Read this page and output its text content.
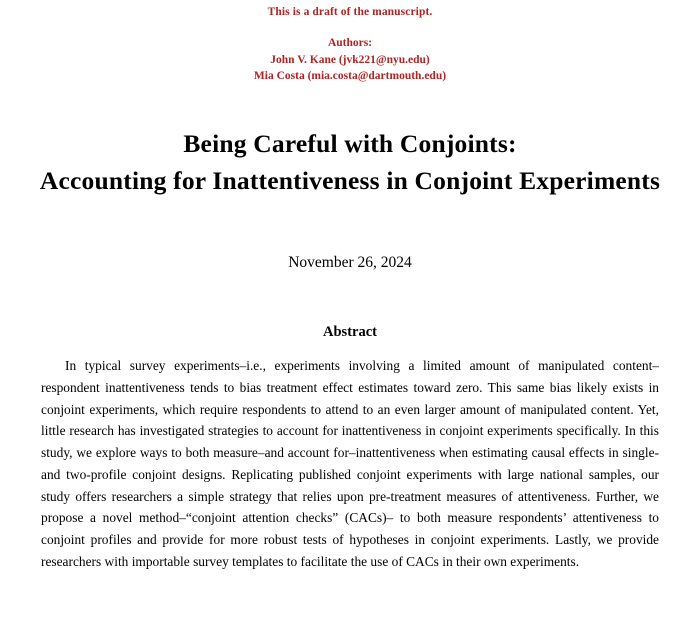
This is a draft of the manuscript.
Authors:
John V. Kane (jvk221@nyu.edu)
Mia Costa (mia.costa@dartmouth.edu)
Being Careful with Conjoints:
Accounting for Inattentiveness in Conjoint Experiments
November 26, 2024
Abstract
In typical survey experiments–i.e., experiments involving a limited amount of manipulated content–respondent inattentiveness tends to bias treatment effect estimates toward zero. This same bias likely exists in conjoint experiments, which require respondents to attend to an even larger amount of manipulated content. Yet, little research has investigated strategies to account for inattentiveness in conjoint experiments specifically. In this study, we explore ways to both measure–and account for–inattentiveness when estimating causal effects in single- and two-profile conjoint designs. Replicating published conjoint experiments with large national samples, our study offers researchers a simple strategy that relies upon pre-treatment measures of attentiveness. Further, we propose a novel method–“conjoint attention checks” (CACs)– to both measure respondents’ attentiveness to conjoint profiles and provide for more robust tests of hypotheses in conjoint experiments. Lastly, we provide researchers with importable survey templates to facilitate the use of CACs in their own experiments.
